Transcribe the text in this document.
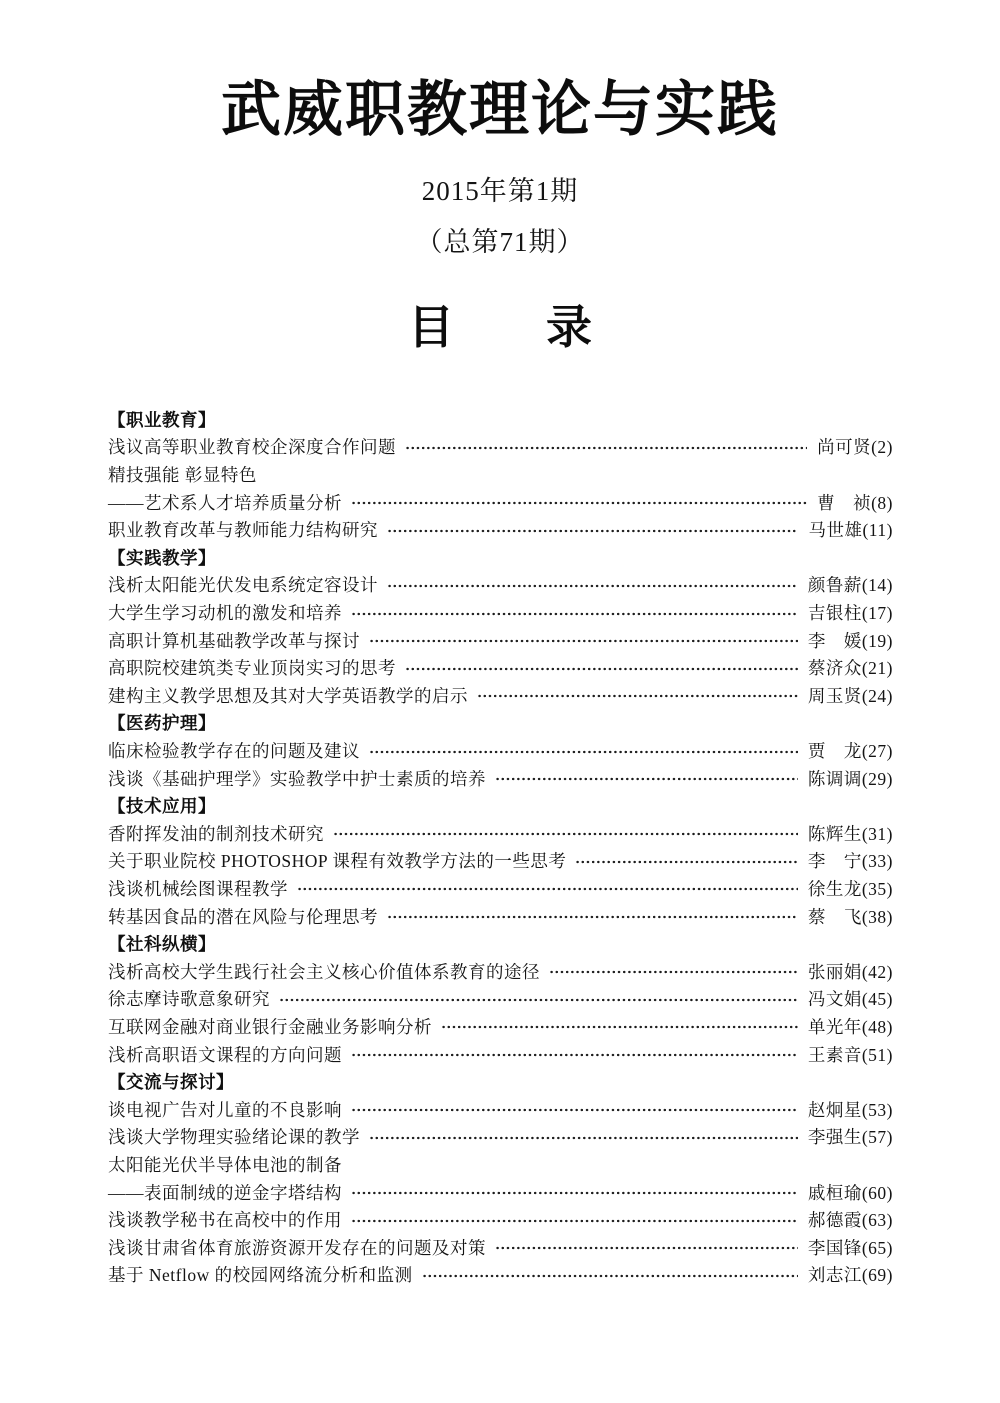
武威职教理论与实践
2015年第1期
（总第71期）
目　　录
【职业教育】
浅议高等职业教育校企深度合作问题	尚可贤(2)
精技强能 彰显特色
——艺术系人才培养质量分析	曹　祯(8)
职业教育改革与教师能力结构研究	马世雄(11)
【实践教学】
浅析太阳能光伏发电系统定容设计	颜鲁薪(14)
大学生学习动机的激发和培养	吉银柱(17)
高职计算机基础教学改革与探讨	李　媛(19)
高职院校建筑类专业顶岗实习的思考	蔡济众(21)
建构主义教学思想及其对大学英语教学的启示	周玉贤(24)
【医药护理】
临床检验教学存在的问题及建议	贾　龙(27)
浅谈《基础护理学》实验教学中护士素质的培养	陈调调(29)
【技术应用】
香附挥发油的制剂技术研究	陈辉生(31)
关于职业院校 PHOTOSHOP 课程有效教学方法的一些思考	李　宁(33)
浅谈机械绘图课程教学	徐生龙(35)
转基因食品的潜在风险与伦理思考	蔡　飞(38)
【社科纵横】
浅析高校大学生践行社会主义核心价值体系教育的途径	张丽娟(42)
徐志摩诗歌意象研究	冯文娟(45)
互联网金融对商业银行金融业务影响分析	单光年(48)
浅析高职语文课程的方向问题	王素音(51)
【交流与探讨】
谈电视广告对儿童的不良影响	赵炯星(53)
浅谈大学物理实验绪论课的教学	李强生(57)
太阳能光伏半导体电池的制备
——表面制绒的逆金字塔结构	戚桓瑜(60)
浅谈教学秘书在高校中的作用	郝德霞(63)
浅谈甘肃省体育旅游资源开发存在的问题及对策	李国锋(65)
基于 Netflow 的校园网络流分析和监测	刘志江(69)
